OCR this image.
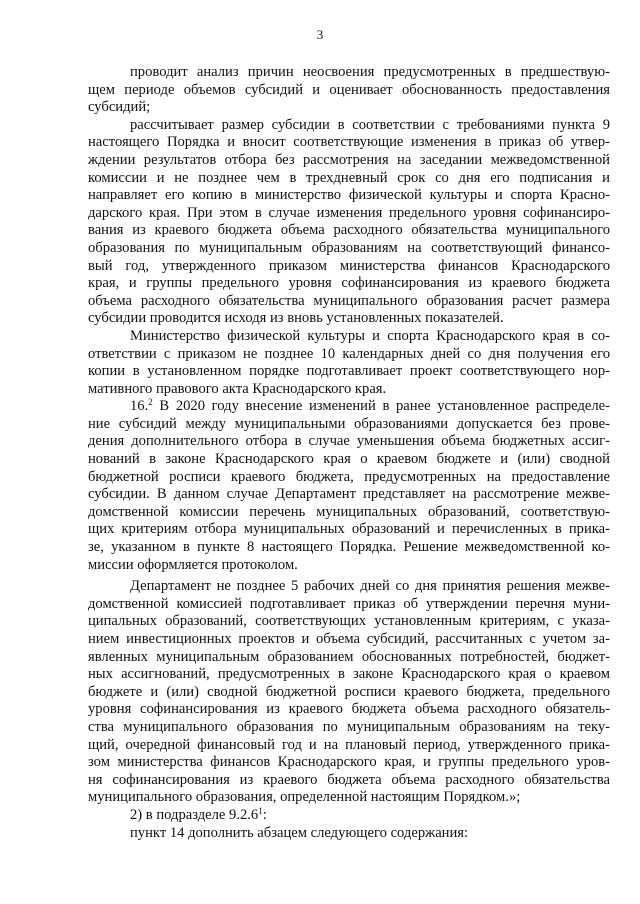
3
проводит анализ причин неосвоения предусмотренных в предшествую-
щем периоде объемов субсидий и оценивает обоснованность предоставления
субсидий;
рассчитывает размер субсидии в соответствии с требованиями пункта 9
настоящего Порядка и вносит соответствующие изменения в приказ об утвер-
ждении результатов отбора без рассмотрения на заседании межведомственной
комиссии и не позднее чем в трехдневный срок со дня его подписания и
направляет его копию в министерство физической культуры и спорта Красно-
дарского края. При этом в случае изменения предельного уровня софинансиро-
вания из краевого бюджета объема расходного обязательства муниципального
образования по муниципальным образованиям на соответствующий финансо-
вый год, утвержденного приказом министерства финансов Краснодарского
края, и группы предельного уровня софинансирования из краевого бюджета
объема расходного обязательства муниципального образования расчет размера
субсидии проводится исходя из вновь установленных показателей.
Министерство физической культуры и спорта Краснодарского края в со-
ответствии с приказом не позднее 10 календарных дней со дня получения его
копии в установленном порядке подготавливает проект соответствующего нор-
мативного правового акта Краснодарского края.
16.$^2$ В 2020 году внесение изменений в ранее установленное распределе-
ние субсидий между муниципальными образованиями допускается без прове-
дения дополнительного отбора в случае уменьшения объема бюджетных ассиг-
нований в законе Краснодарского края о краевом бюджете и (или) сводной
бюджетной росписи краевого бюджета, предусмотренных на предоставление
субсидии. В данном случае Департамент представляет на рассмотрение межве-
домственной комиссии перечень муниципальных образований, соответствую-
щих критериям отбора муниципальных образований и перечисленных в прика-
зе, указанном в пункте 8 настоящего Порядка. Решение межведомственной ко-
миссии оформляется протоколом.
Департамент не позднее 5 рабочих дней со дня принятия решения межве-
домственной комиссией подготавливает приказ об утверждении перечня муни-
ципальных образований, соответствующих установленным критериям, с указа-
нием инвестиционных проектов и объема субсидий, рассчитанных с учетом за-
явленных муниципальным образованием обоснованных потребностей, бюджет-
ных ассигнований, предусмотренных в законе Краснодарского края о краевом
бюджете и (или) сводной бюджетной росписи краевого бюджета, предельного
уровня софинансирования из краевого бюджета объема расходного обязатель-
ства муниципального образования по муниципальным образованиям на теку-
щий, очередной финансовый год и на плановый период, утвержденного прика-
зом министерства финансов Краснодарского края, и группы предельного уров-
ня софинансирования из краевого бюджета объема расходного обязательства
муниципального образования, определенной настоящим Порядком.»;
2) в подразделе 9.2.6$^1$:
пункт 14 дополнить абзацем следующего содержания:
